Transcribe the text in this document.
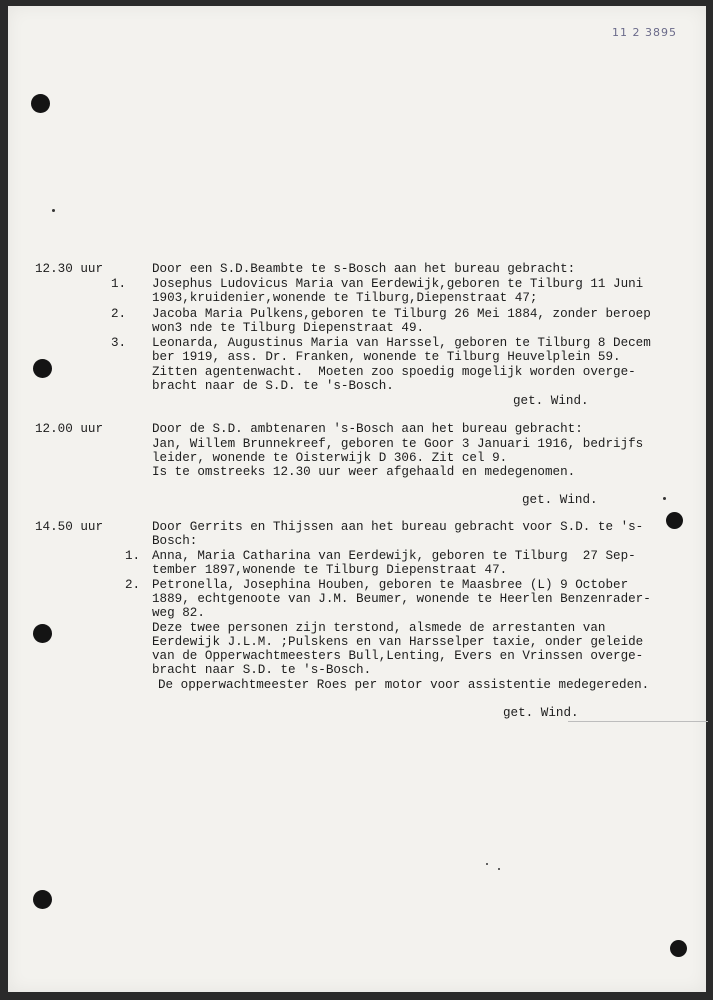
11 2 3895
12.30 uur	Door een S.D.Beambte te s-Bosch aan het bureau gebracht:
1. Josephus Ludovicus Maria van Eerdewijk,geboren te Tilburg 11 Juni
1903,kruidenier,wonende te Tilburg,Diepenstraat 47;
2. Jacoba Maria Pulkens,geboren te Tilburg 26 Mei 1884, zonder beroep
won3 nde te Tilburg Diepenstraat 49.
3. Leonarda, Augustinus Maria van Harssel, geboren te Tilburg 8 Decem
ber 1919, ass. Dr. Franken, wonende te Tilburg Heuvelplein 59.
Zitten agentenwacht.  Moeten zoo spoedig mogelijk worden overge-
bracht naar de S.D. te 's-Bosch.
get. Wind.
12.00 uur	Door de S.D. ambtenaren 's-Bosch aan het bureau gebracht:
Jan, Willem Brunnekreef, geboren te Goor 3 Januari 1916, bedrijfs
leider, wonende te Oisterwijk D 306. Zit cel 9.
Is te omstreeks 12.30 uur weer afgehaald en medegenomen.
get. Wind.
14.50 uur	Door Gerrits en Thijssen aan het bureau gebracht voor S.D. te 's-
Bosch:
1. Anna, Maria Catharina van Eerdewijk, geboren te Tilburg  27 Sep-
tember 1897,wonende te Tilburg Diepenstraat 47.
2. Petronella, Josephina Houben, geboren te Maasbree (L) 9 October
1889, echtgenoote van J.M. Beumer, wonende te Heerlen Benzenrader-
weg 82.
Deze twee personen zijn terstond, alsmede de arrestanten van
Eerdewijk J.L.M. ;Pulskens en van Harsselper taxie, onder geleide
van de Opperwachtmeesters Bull,Lenting, Evers en Vrinssen overge-
bracht naar S.D. te 's-Bosch.
De opperwachtmeester Roes per motor voor assistentie medegereden.
get. Wind.
